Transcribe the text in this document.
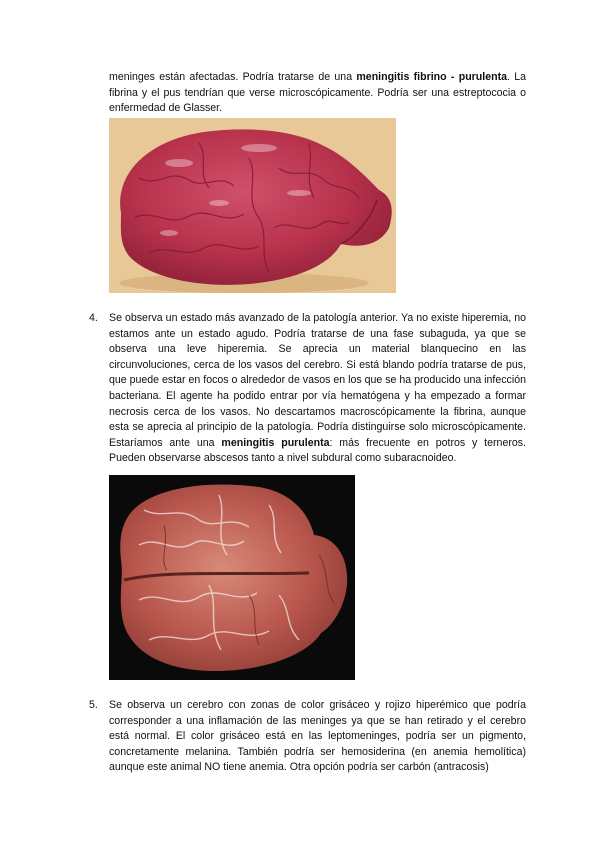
meninges están afectadas. Podría tratarse de una meningitis fibrino - purulenta. La fibrina y el pus tendrían que verse microscópicamente. Podría ser una estreptococia o enfermedad de Glasser.
4. Se observa un estado más avanzado de la patología anterior. Ya no existe hiperemia, no estamos ante un estado agudo. Podría tratarse de una fase subaguda, ya que se observa una leve hiperemia. Se aprecia un material blanquecino en las circunvoluciones, cerca de los vasos del cerebro. Si está blando podría tratarse de pus, que puede estar en focos o alrededor de vasos en los que se ha producido una infección bacteriana. El agente ha podido entrar por vía hematógena y ha empezado a formar necrosis cerca de los vasos. No descartamos macroscópicamente la fibrina, aunque esta se aprecia al principio de la patología. Podría distinguirse solo microscópicamente. Estaríamos ante una meningitis purulenta: más frecuente en potros y terneros. Pueden observarse abscesos tanto a nivel subdural como subaracnoideo.
5. Se observa un cerebro con zonas de color grisáceo y rojizo hiperémico que podría corresponder a una inflamación de las meninges ya que se han retirado y el cerebro está normal. El color grisáceo está en las leptomeninges, podría ser un pigmento, concretamente melanina. También podría ser hemosiderina (en anemia hemolítica) aunque este animal NO tiene anemia. Otra opción podría ser carbón (antracosis)
